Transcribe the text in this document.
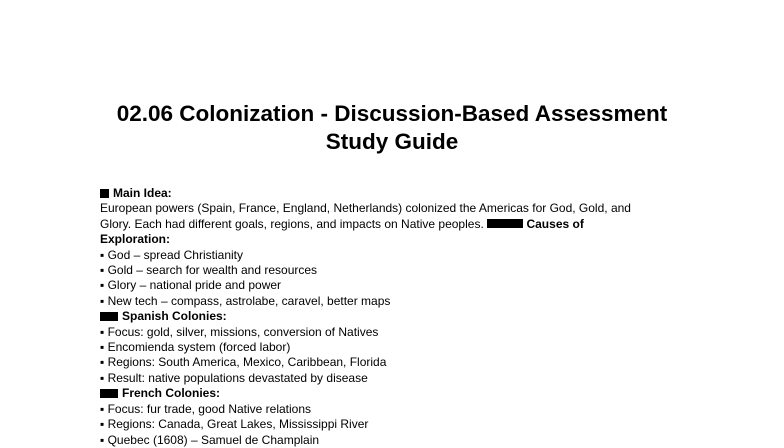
02.06 Colonization - Discussion-Based Assessment
Study Guide
Main Idea:
European powers (Spain, France, England, Netherlands) colonized the Americas for God, Gold, and
Glory. Each had different goals, regions, and impacts on Native peoples.	Causes of
Exploration:
▪ God – spread Christianity
▪ Gold – search for wealth and resources
▪ Glory – national pride and power
▪ New tech – compass, astrolabe, caravel, better maps
Spanish Colonies:
▪ Focus: gold, silver, missions, conversion of Natives
▪ Encomienda system (forced labor)
▪ Regions: South America, Mexico, Caribbean, Florida
▪ Result: native populations devastated by disease
French Colonies:
▪ Focus: fur trade, good Native relations
▪ Regions: Canada, Great Lakes, Mississippi River
▪ Quebec (1608) – Samuel de Champlain
